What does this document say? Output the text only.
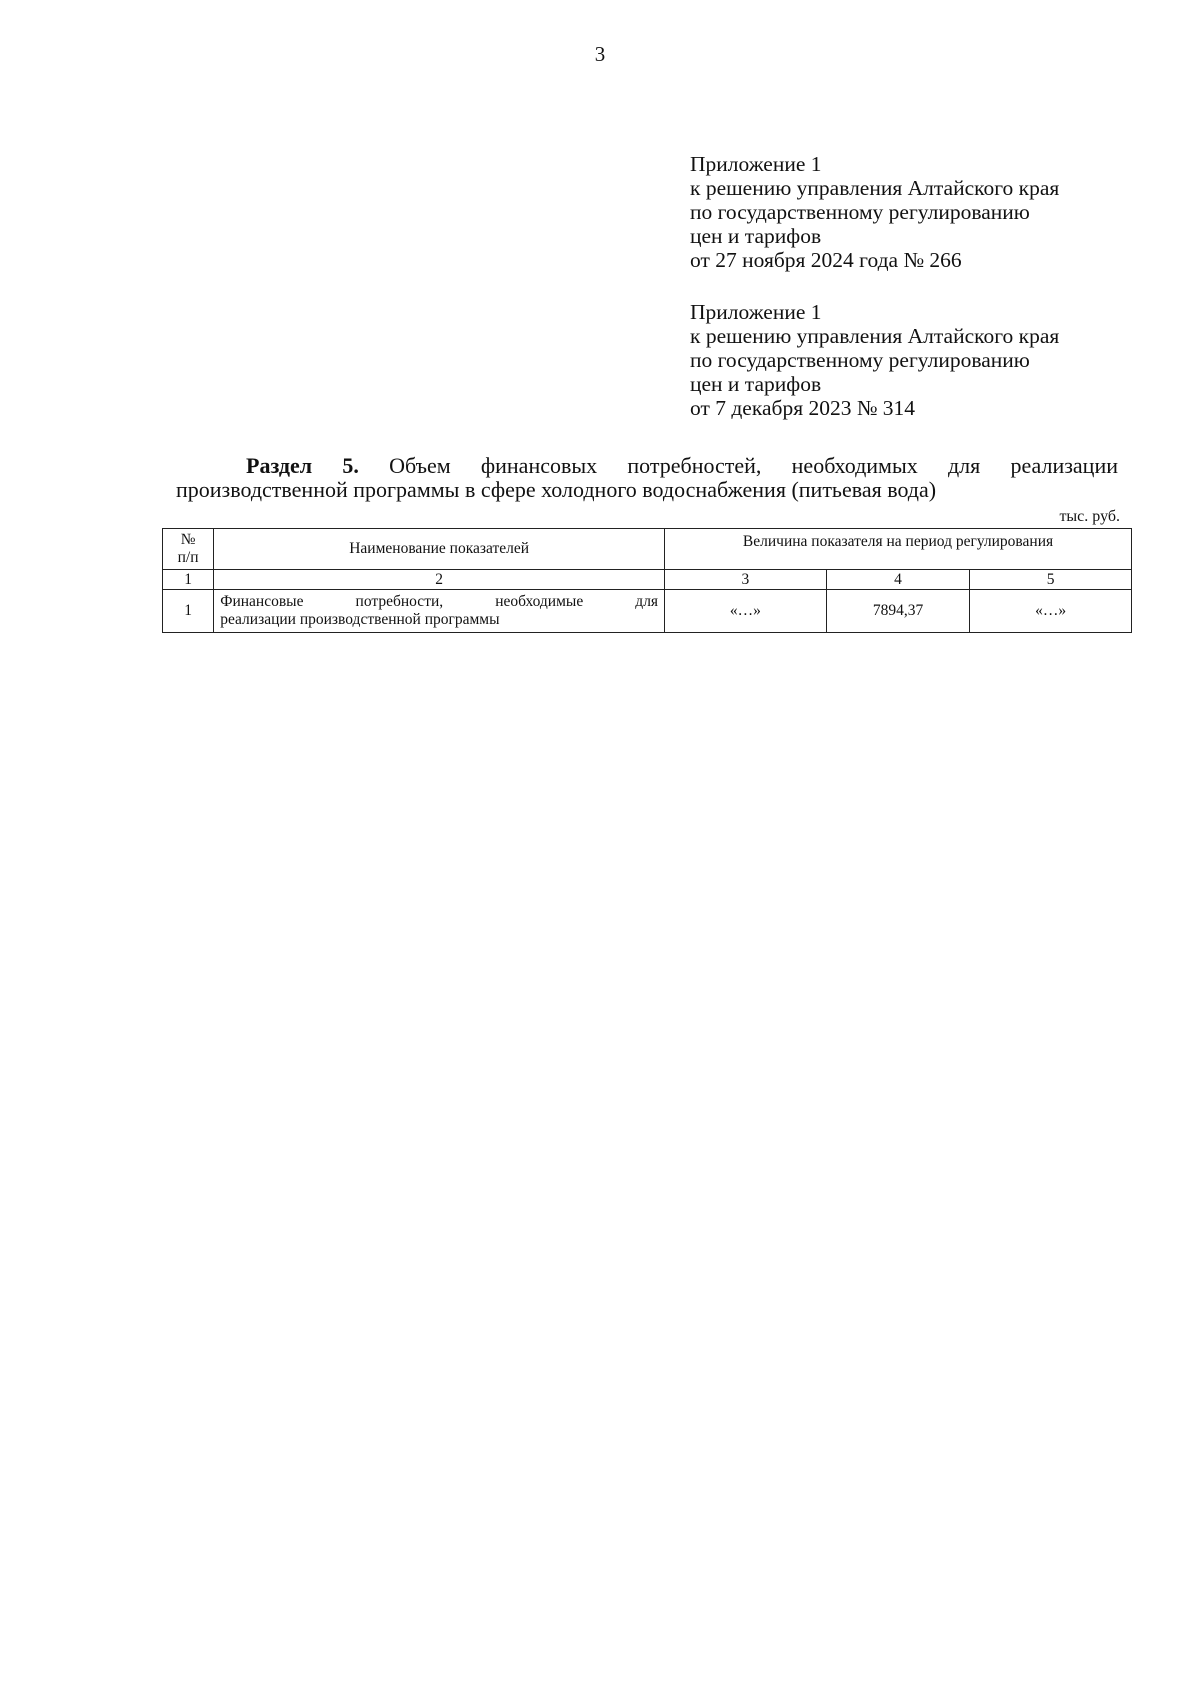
3
Приложение 1
к решению управления Алтайского края
по государственному регулированию
цен и тарифов
от 27 ноября 2024 года № 266
Приложение 1
к решению управления Алтайского края
по государственному регулированию
цен и тарифов
от 7 декабря 2023 № 314
Раздел 5. Объем финансовых потребностей, необходимых для реализации
производственной программы в сфере холодного водоснабжения (питьевая вода)
тыс. руб.
№
п/п	Наименование показателей	Величина показателя на период регулирования		
1	2	3	4	5
1	Финансовые потребности, необходимые для
реализации производственной программы	«…»	7894,37	«…»
